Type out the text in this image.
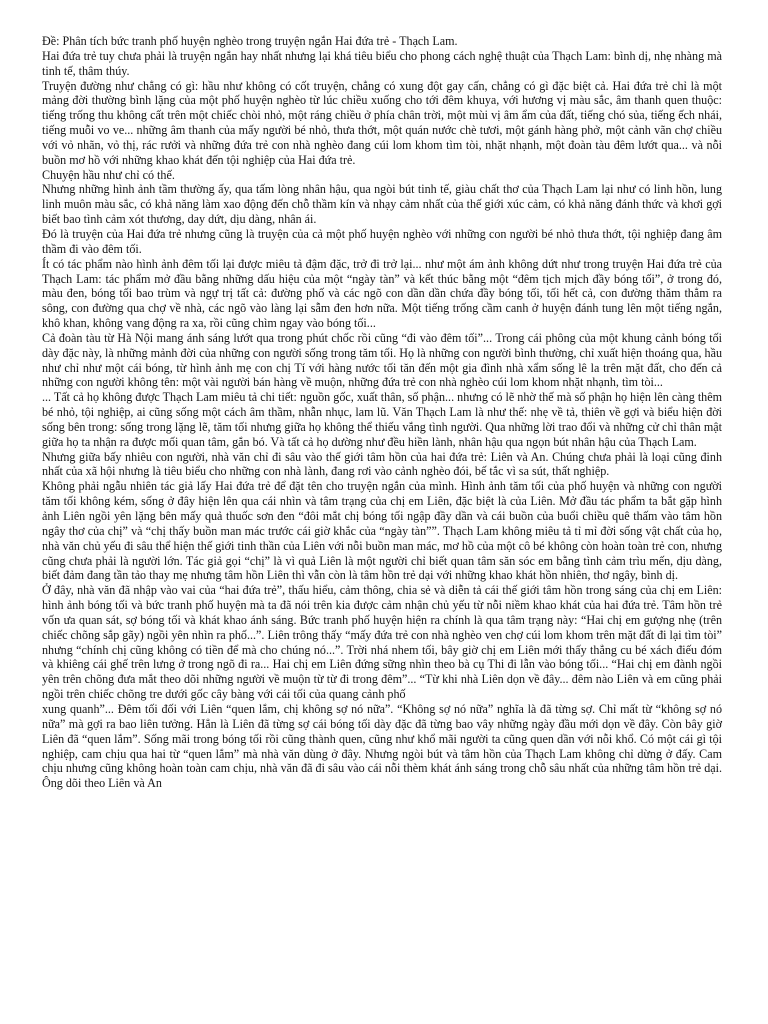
Đề: Phân tích bức tranh phố huyện nghèo trong truyện ngắn Hai đứa trẻ - Thạch Lam.

Hai đứa trẻ tuy chưa phải là truyện ngắn hay nhất nhưng lại khá tiêu biểu cho phong cách nghệ thuật của Thạch Lam: bình dị, nhẹ nhàng mà tinh tế, thâm thúy.

Truyện đường như chẳng có gì: hầu như không có cốt truyện, chẳng có xung đột gay cấn, chẳng có gì đặc biệt cả. Hai đứa trẻ chỉ là một mảng đời thường bình lặng của một phố huyện nghèo từ lúc chiều xuống cho tới đêm khuya, với hương vị màu sắc, âm thanh quen thuộc: tiếng trống thu không cất trên một chiếc chòi nhỏ, một ráng chiều ở phía chân trời, một mùi vị âm ẩm của đất, tiếng chó sủa, tiếng ếch nhái, tiếng muỗi vo ve... những âm thanh của mấy người bé nhỏ, thưa thớt, một quán nước chè tươi, một gánh hàng phở, một cảnh vãn chợ chiều với vỏ nhãn, vỏ thị, rác rưởi và những đứa trẻ con nhà nghèo đang cúi lom khom tìm tòi, nhặt nhạnh, một đoàn tàu đêm lướt qua... và nỗi buồn mơ hồ với những khao khát đến tội nghiệp của Hai đứa trẻ.

Chuyện hầu như chỉ có thế.

Nhưng những hình ảnh tầm thường ấy, qua tấm lòng nhân hậu, qua ngòi bút tinh tế, giàu chất thơ của Thạch Lam lại như có linh hồn, lung linh muôn màu sắc, có khả năng làm xao động đến chỗ thầm kín và nhạy cảm nhất của thế giới xúc cảm, có khả năng đánh thức và khơi gợi biết bao tình cảm xót thương, day dứt, dịu dàng, nhân ái.

Đó là truyện của Hai đứa trẻ nhưng cũng là truyện của cả một phố huyện nghèo với những con người bé nhỏ thưa thớt, tội nghiệp đang âm thầm đi vào đêm tối.

Ít có tác phẩm nào hình ảnh đêm tối lại được miêu tả đậm đặc, trở đi trở lại... như một ám ảnh không dứt như trong truyện Hai đứa trẻ của Thạch Lam: tác phẩm mở đầu bằng những dấu hiệu của một “ngày tàn” và kết thúc bằng một “đêm tịch mịch đầy bóng tối”, ở trong đó, màu đen, bóng tối bao trùm và ngự trị tất cả: đường phố và các ngõ con dần dần chứa đầy bóng tối, tối hết cả, con đường thăm thẳm ra sông, con đường qua chợ về nhà, các ngõ vào làng lại sẫm đen hơn nữa. Một tiếng trống cầm canh ở huyện đánh tung lên một tiếng ngắn, khô khan, không vang động ra xa, rồi cũng chìm ngay vào bóng tối...

Cả đoàn tàu từ Hà Nội mang ánh sáng lướt qua trong phút chốc rồi cũng “đi vào đêm tối”... Trong cái phông của một khung cảnh bóng tối dày đặc này, là những mảnh đời của những con người sống trong tăm tối. Họ là những con người bình thường, chỉ xuất hiện thoáng qua, hầu như chỉ như một cái bóng, từ hình ảnh mẹ con chị Tí với hàng nước tối tăn đến một gia đình nhà xẩm sống lê la trên mặt đất, cho đến cả những con người không tên: một vài người bán hàng về muộn, những đứa trẻ con nhà nghèo cúi lom khom nhặt nhạnh, tìm tòi...

... Tất cả họ không được Thạch Lam miêu tả chi tiết: nguồn gốc, xuất thân, số phận... nhưng có lẽ nhờ thế mà số phận họ hiện lên càng thêm bé nhỏ, tội nghiệp, ai cũng sống một cách âm thầm, nhẫn nhục, lam lũ. Văn Thạch Lam là như thế: nhẹ về tả, thiên về gợi và biểu hiện đời sống bên trong: sống trong lặng lẽ, tăm tối nhưng giữa họ không thể thiếu vắng tình người. Qua những lời trao đổi và những cử chỉ thân mật giữa họ ta nhận ra được mối quan tâm, gắn bó. Và tất cả họ dường như đều hiền lành, nhân hậu qua ngọn bút nhân hậu của Thạch Lam.

Nhưng giữa bấy nhiêu con người, nhà văn chỉ đi sâu vào thế giới tâm hồn của hai đứa trẻ: Liên và An. Chúng chưa phải là loại cũng đinh nhất của xã hội nhưng là tiêu biểu cho những con nhà lành, đang rơi vào cảnh nghèo đói, bế tắc vì sa sút, thất nghiệp.

Không phải ngẫu nhiên tác giả lấy Hai đứa trẻ để đặt tên cho truyện ngắn của mình. Hình ảnh tăm tối của phố huyện và những con người tăm tối không kém, sống ở đây hiện lên qua cái nhìn và tâm trạng của chị em Liên, đặc biệt là của Liên. Mở đầu tác phẩm ta bắt gặp hình ảnh Liên ngồi yên lặng bên mấy quả thuốc sơn đen “đôi mắt chị bóng tối ngập đầy dần và cái buồn của buổi chiều quê thấm vào tâm hồn ngây thơ của chị” và “chị thấy buồn man mác trước cái giờ khắc của “ngày tàn””. Thạch Lam không miêu tả tỉ mỉ đời sống vật chất của họ, nhà văn chủ yếu đi sâu thể hiện thế giới tinh thần của Liên với nỗi buồn man mác, mơ hồ của một cô bé không còn hoàn toàn trẻ con, nhưng cũng chưa phải là người lớn. Tác giả gọi “chị” là vì quả Liên là một người chỉ biết quan tâm săn sóc em bằng tình cảm trìu mến, dịu dàng, biết đảm đang tần tảo thay mẹ nhưng tâm hồn Liên thì vẫn còn là tâm hồn trẻ dại với những khao khát hồn nhiên, thơ ngây, bình dị.

Ở đây, nhà văn đã nhập vào vai của “hai đứa trẻ”, thấu hiểu, cảm thông, chia sẻ và diễn tả cái thế giới tâm hồn trong sáng của chị em Liên: hình ảnh bóng tối và bức tranh phố huyện mà ta đã nói trên kia được cảm nhận chủ yếu từ nỗi niềm khao khát của hai đứa trẻ. Tâm hồn trẻ vốn ưa quan sát, sợ bóng tối và khát khao ánh sáng. Bức tranh phố huyện hiện ra chính là qua tâm trạng này: “Hai chị em gượng nhẹ (trên chiếc chõng sắp gãy) ngồi yên nhìn ra phố...”. Liên trông thấy “mấy đứa trẻ con nhà nghèo ven chợ cúi lom khom trên mặt đất đi lại tìm tòi” nhưng “chính chị cũng không có tiền để mà cho chúng nó...”. Trời nhá nhem tối, bây giờ chị em Liên mới thấy thẳng cu bé xách điếu đóm và khiêng cái ghế trên lưng ở trong ngõ đi ra... Hai chị em Liên đứng sững nhìn theo bà cụ Thi đi lẫn vào bóng tối... “Hai chị em đành ngồi yên trên chõng đưa mắt theo dõi những người về muộn từ từ đi trong đêm”... “Từ khi nhà Liên dọn về đây... đêm nào Liên và em cũng phải ngồi trên chiếc chõng tre dưới gốc cây bàng với cái tối của quang cảnh phố

xung quanh”... Đêm tối đối với Liên “quen lắm, chị không sợ nó nữa”. “Không sợ nó nữa” nghĩa là đã từng sợ. Chỉ mất từ “không sợ nó nữa” mà gợi ra bao liên tưởng. Hẳn là Liên đã từng sợ cái bóng tối dày đặc đã từng bao vây những ngày đầu mới dọn về đây. Còn bây giờ Liên đã “quen lắm”. Sống mãi trong bóng tối rồi cũng thành quen, cũng như khổ mãi người ta cũng quen dần với nỗi khổ. Có một cái gì tội nghiệp, cam chịu qua hai từ “quen lắm” mà nhà văn dùng ở đây. Nhưng ngòi bút và tâm hồn của Thạch Lam không chỉ dừng ở đấy. Cam chịu nhưng cũng không hoàn toàn cam chịu, nhà văn đã đi sâu vào cái nỗi thèm khát ánh sáng trong chỗ sâu nhất của những tâm hồn trẻ dại. Ông dõi theo Liên và An
